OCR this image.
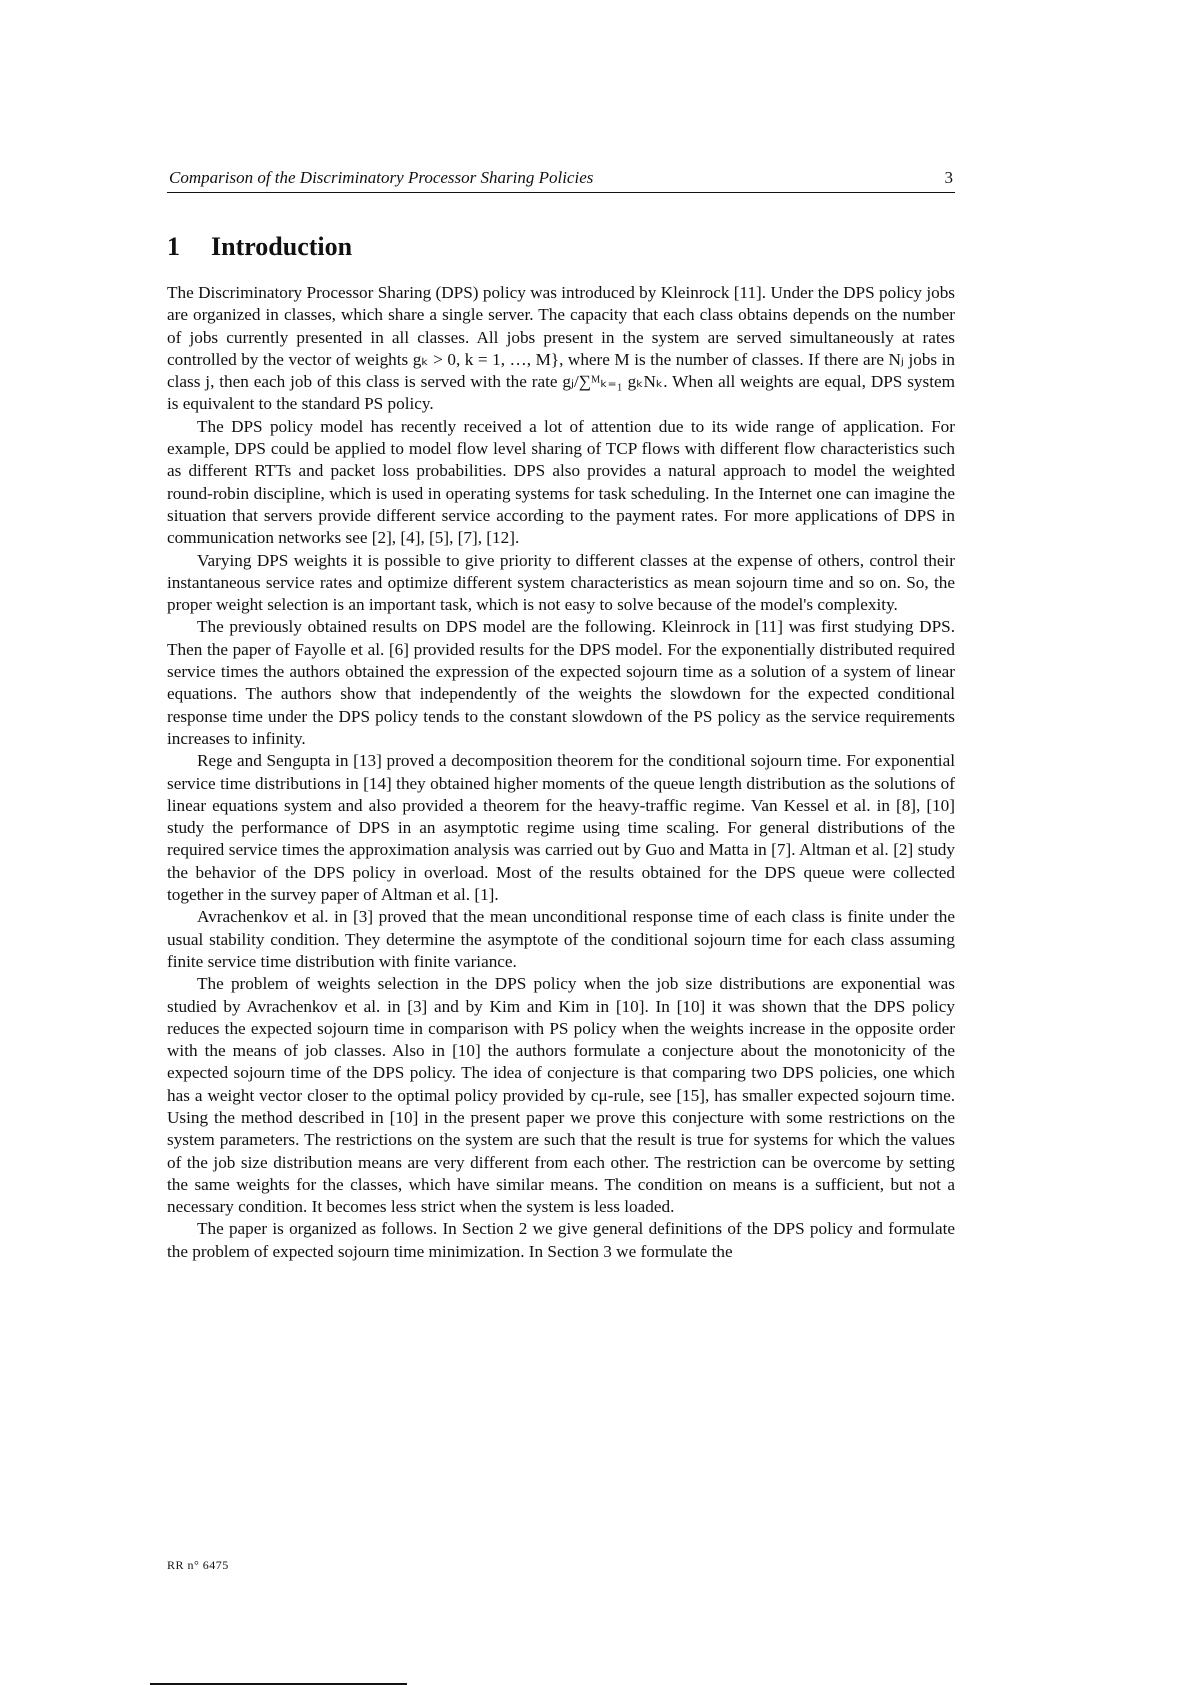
Comparison of the Discriminatory Processor Sharing Policies	3
1 Introduction

The Discriminatory Processor Sharing (DPS) policy was introduced by Kleinrock [11]. Under the DPS policy jobs are organized in classes, which share a single server. The capacity that each class obtains depends on the number of jobs currently presented in all classes. All jobs present in the system are served simultaneously at rates controlled by the vector of weights gₖ > 0, k = 1, …, M}, where M is the number of classes. If there are Nⱼ jobs in class j, then each job of this class is served with the rate gⱼ/∑ᴹₖ₌₁ gₖNₖ. When all weights are equal, DPS system is equivalent to the standard PS policy.

The DPS policy model has recently received a lot of attention due to its wide range of application. For example, DPS could be applied to model flow level sharing of TCP flows with different flow characteristics such as different RTTs and packet loss probabilities. DPS also provides a natural approach to model the weighted round-robin discipline, which is used in operating systems for task scheduling. In the Internet one can imagine the situation that servers provide different service according to the payment rates. For more applications of DPS in communication networks see [2], [4], [5], [7], [12].

Varying DPS weights it is possible to give priority to different classes at the expense of others, control their instantaneous service rates and optimize different system characteristics as mean sojourn time and so on. So, the proper weight selection is an important task, which is not easy to solve because of the model's complexity.

The previously obtained results on DPS model are the following. Kleinrock in [11] was first studying DPS. Then the paper of Fayolle et al. [6] provided results for the DPS model. For the exponentially distributed required service times the authors obtained the expression of the expected sojourn time as a solution of a system of linear equations. The authors show that independently of the weights the slowdown for the expected conditional response time under the DPS policy tends to the constant slowdown of the PS policy as the service requirements increases to infinity.

Rege and Sengupta in [13] proved a decomposition theorem for the conditional sojourn time. For exponential service time distributions in [14] they obtained higher moments of the queue length distribution as the solutions of linear equations system and also provided a theorem for the heavy-traffic regime. Van Kessel et al. in [8], [10] study the performance of DPS in an asymptotic regime using time scaling. For general distributions of the required service times the approximation analysis was carried out by Guo and Matta in [7]. Altman et al. [2] study the behavior of the DPS policy in overload. Most of the results obtained for the DPS queue were collected together in the survey paper of Altman et al. [1].

Avrachenkov et al. in [3] proved that the mean unconditional response time of each class is finite under the usual stability condition. They determine the asymptote of the conditional sojourn time for each class assuming finite service time distribution with finite variance.

The problem of weights selection in the DPS policy when the job size distributions are exponential was studied by Avrachenkov et al. in [3] and by Kim and Kim in [10]. In [10] it was shown that the DPS policy reduces the expected sojourn time in comparison with PS policy when the weights increase in the opposite order with the means of job classes. Also in [10] the authors formulate a conjecture about the monotonicity of the expected sojourn time of the DPS policy. The idea of conjecture is that comparing two DPS policies, one which has a weight vector closer to the optimal policy provided by cμ-rule, see [15], has smaller expected sojourn time. Using the method described in [10] in the present paper we prove this conjecture with some restrictions on the system parameters. The restrictions on the system are such that the result is true for systems for which the values of the job size distribution means are very different from each other. The restriction can be overcome by setting the same weights for the classes, which have similar means. The condition on means is a sufficient, but not a necessary condition. It becomes less strict when the system is less loaded.

The paper is organized as follows. In Section 2 we give general definitions of the DPS policy and formulate the problem of expected sojourn time minimization. In Section 3 we formulate the

RR n° 6475
